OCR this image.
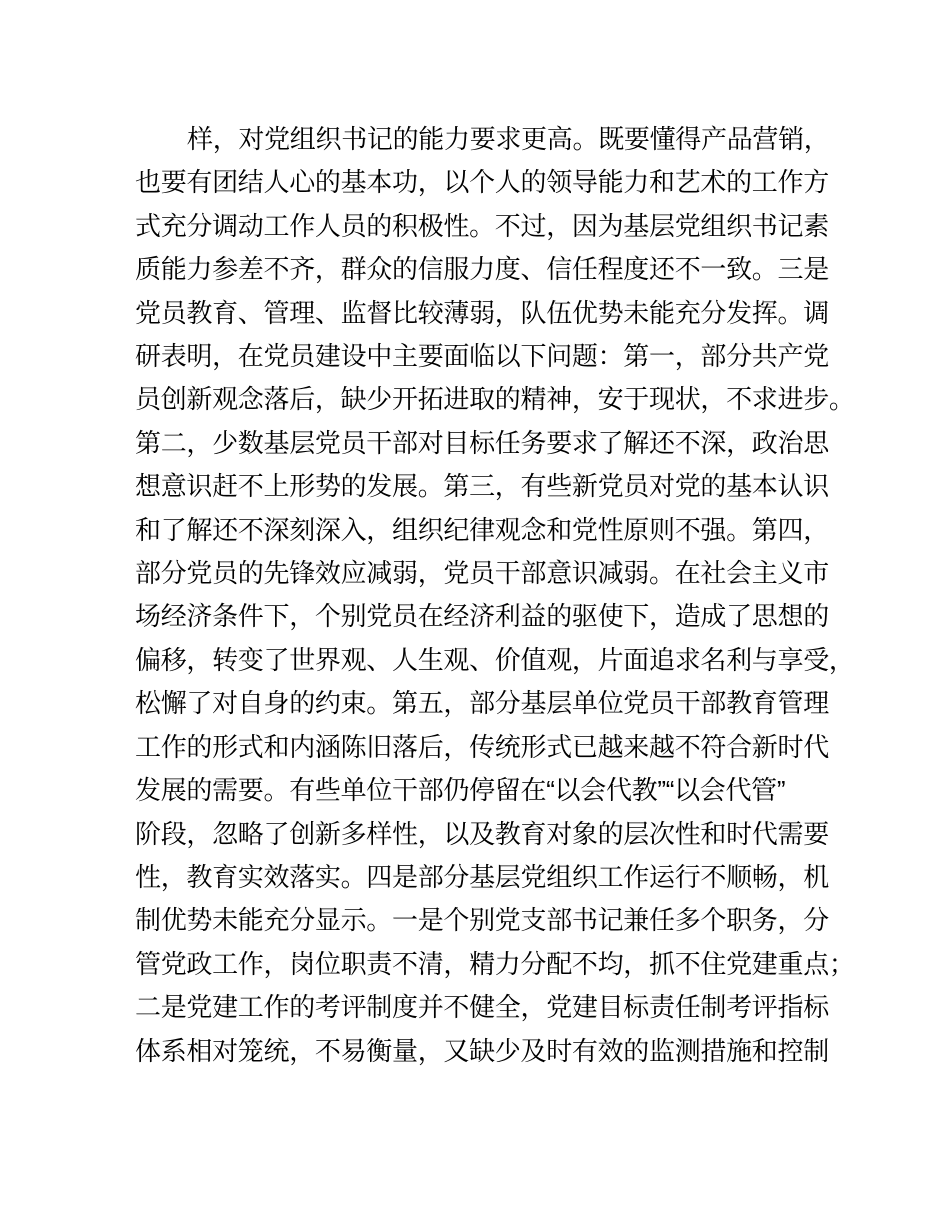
样，对党组织书记的能力要求更高。既要懂得产品营销，
也要有团结人心的基本功，以个人的领导能力和艺术的工作方
式充分调动工作人员的积极性。不过，因为基层党组织书记素
质能力参差不齐，群众的信服力度、信任程度还不一致。三是
党员教育、管理、监督比较薄弱，队伍优势未能充分发挥。调
研表明，在党员建设中主要面临以下问题：第一，部分共产党
员创新观念落后，缺少开拓进取的精神，安于现状，不求进步。
第二，少数基层党员干部对目标任务要求了解还不深，政治思
想意识赶不上形势的发展。第三，有些新党员对党的基本认识
和了解还不深刻深入，组织纪律观念和党性原则不强。第四，
部分党员的先锋效应减弱，党员干部意识减弱。在社会主义市
场经济条件下，个别党员在经济利益的驱使下，造成了思想的
偏移，转变了世界观、人生观、价值观，片面追求名利与享受，
松懈了对自身的约束。第五，部分基层单位党员干部教育管理
工作的形式和内涵陈旧落后，传统形式已越来越不符合新时代
发展的需要。有些单位干部仍停留在“以会代教”“以会代管”
阶段，忽略了创新多样性，以及教育对象的层次性和时代需要
性，教育实效落实。四是部分基层党组织工作运行不顺畅，机
制优势未能充分显示。一是个别党支部书记兼任多个职务，分
管党政工作，岗位职责不清，精力分配不均，抓不住党建重点；
二是党建工作的考评制度并不健全，党建目标责任制考评指标
体系相对笼统，不易衡量，又缺少及时有效的监测措施和控制
